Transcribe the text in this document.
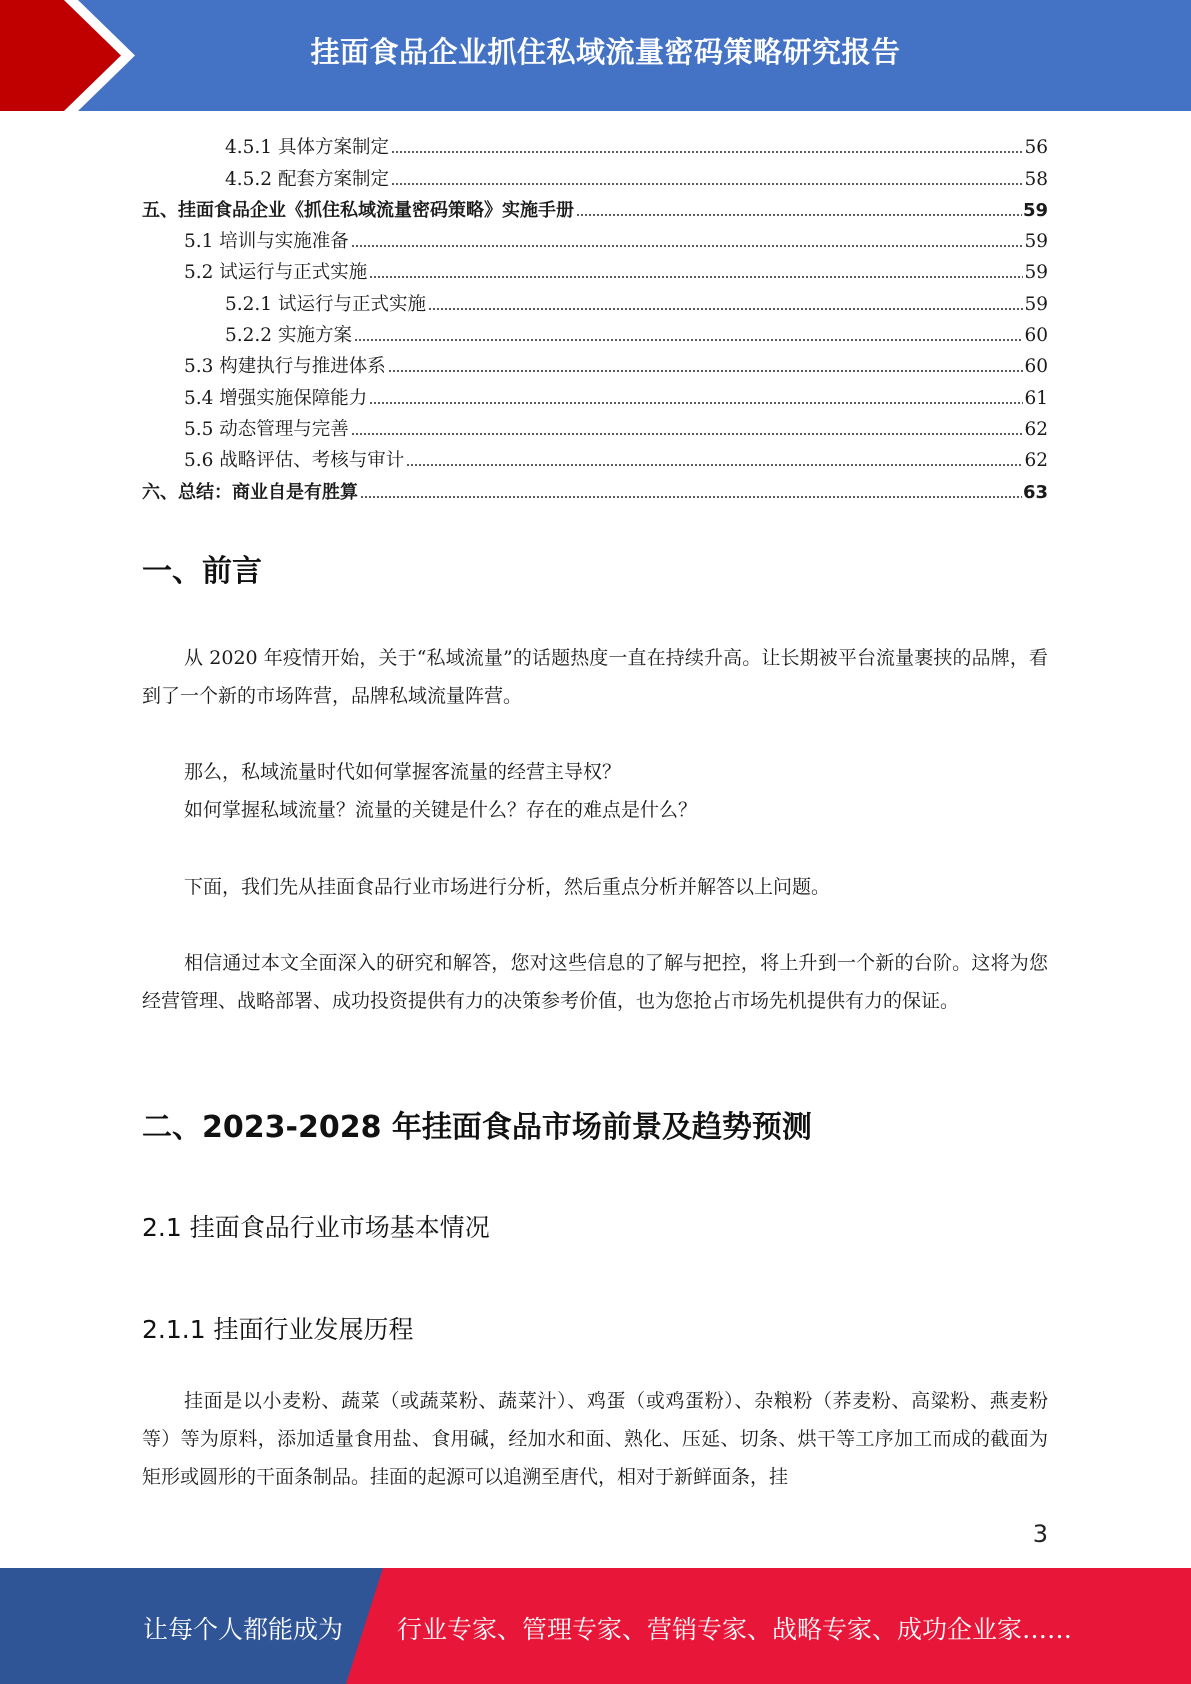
挂面食品企业抓住私域流量密码策略研究报告
4.5.1 具体方案制定	56
4.5.2 配套方案制定	58
五、挂面食品企业《抓住私域流量密码策略》实施手册	59
5.1 培训与实施准备	59
5.2 试运行与正式实施	59
5.2.1 试运行与正式实施	59
5.2.2 实施方案	60
5.3 构建执行与推进体系	60
5.4 增强实施保障能力	61
5.5 动态管理与完善	62
5.6 战略评估、考核与审计	62
六、总结：商业自是有胜算	63
一、前言
从 2020 年疫情开始，关于“私域流量”的话题热度一直在持续升高。让长期被平台流量裹挟的品牌，看到了一个新的市场阵营，品牌私域流量阵营。
那么，私域流量时代如何掌握客流量的经营主导权？
如何掌握私域流量？流量的关键是什么？存在的难点是什么？
下面，我们先从挂面食品行业市场进行分析，然后重点分析并解答以上问题。
相信通过本文全面深入的研究和解答，您对这些信息的了解与把控，将上升到一个新的台阶。这将为您经营管理、战略部署、成功投资提供有力的决策参考价值，也为您抢占市场先机提供有力的保证。
二、2023-2028 年挂面食品市场前景及趋势预测
2.1 挂面食品行业市场基本情况
2.1.1 挂面行业发展历程
挂面是以小麦粉、蔬菜（或蔬菜粉、蔬菜汁）、鸡蛋（或鸡蛋粉）、杂粮粉（荞麦粉、高粱粉、燕麦粉等）等为原料，添加适量食用盐、食用碱，经加水和面、熟化、压延、切条、烘干等工序加工而成的截面为矩形或圆形的干面条制品。挂面的起源可以追溯至唐代，相对于新鲜面条，挂
3
让每个人都能成为 行业专家、管理专家、营销专家、战略专家、成功企业家……
